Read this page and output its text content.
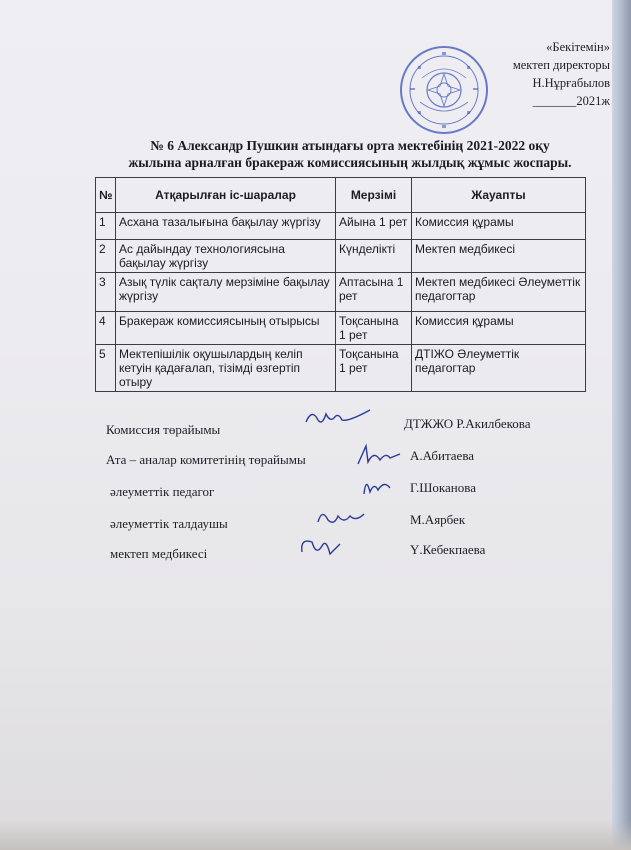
«Бекітемін»
мектеп директоры
Н.Нұрғабылов
_______2021ж
№ 6 Александр Пушкин атындағы орта мектебінің 2021-2022 оқу
жылына арналған бракераж комиссиясының жылдық жұмыс жоспары.
№	Атқарылған іс-шаралар	Мерзімі	Жауапты
1	Асхана тазалығына бақылау жүргізу	Айына 1 рет	Комиссия құрамы
2	Ас дайындау технологиясына бақылау жүргізу	Күнделікті	Мектеп медбикесі
3	Азық түлік сақталу мерзіміне бақылау жүргізу	Аптасына 1 рет	Мектеп медбикесі Әлеуметтік педагогтар
4	Бракераж комиссиясының отырысы	Тоқсанына 1 рет	Комиссия құрамы
5	Мектепішілік оқушылардың келіп кетуін қадағалап, тізімді өзгертіп отыру	Тоқсанына 1 рет	ДТІЖО Әлеуметтік педагогтар
Комиссия төрайымы	ДТЖЖО Р.Акилбекова
Ата – аналар комитетінің төрайымы	А.Абитаева
әлеуметтік педагог	Г.Шоканова
әлеуметтік талдаушы	М.Аярбек
мектеп медбикесі	Ү.Кебекпаева
